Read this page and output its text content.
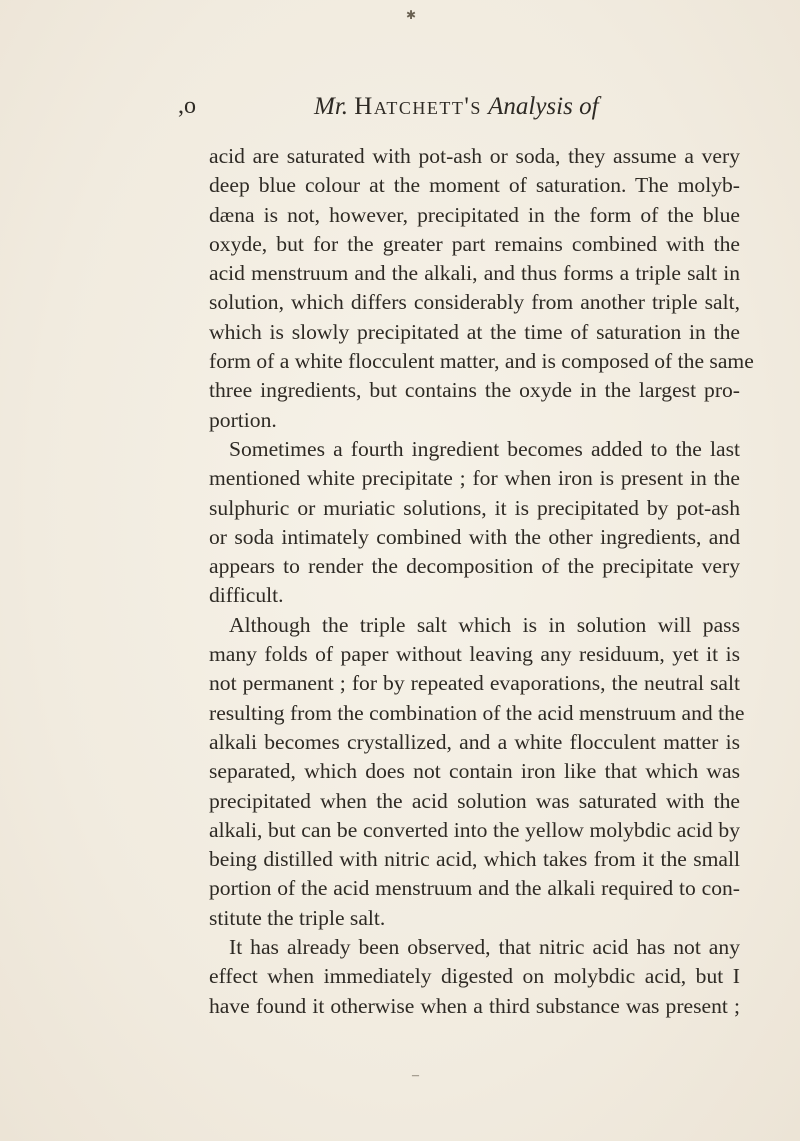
,o	Mr. Hatchett's Analysis of
acid are saturated with pot-ash or soda, they assume a very
deep blue colour at the moment of saturation. The molyb-
dæna is not, however, precipitated in the form of the blue
oxyde, but for the greater part remains combined with the
acid menstruum and the alkali, and thus forms a triple salt in
solution, which differs considerably from another triple salt,
which is slowly precipitated at the time of saturation in the
form of a white flocculent matter, and is composed of the same
three ingredients, but contains the oxyde in the largest pro-
portion.
Sometimes a fourth ingredient becomes added to the last
mentioned white precipitate ; for when iron is present in the
sulphuric or muriatic solutions, it is precipitated by pot-ash
or soda intimately combined with the other ingredients, and
appears to render the decomposition of the precipitate very
difficult.
Although the triple salt which is in solution will pass
many folds of paper without leaving any residuum, yet it is
not permanent ; for by repeated evaporations, the neutral salt
resulting from the combination of the acid menstruum and the
alkali becomes crystallized, and a white flocculent matter is
separated, which does not contain iron like that which was
precipitated when the acid solution was saturated with the
alkali, but can be converted into the yellow molybdic acid by
being distilled with nitric acid, which takes from it the small
portion of the acid menstruum and the alkali required to con-
stitute the triple salt.
It has already been observed, that nitric acid has not any
effect when immediately digested on molybdic acid, but I
have found it otherwise when a third substance was present ;
✱
–
